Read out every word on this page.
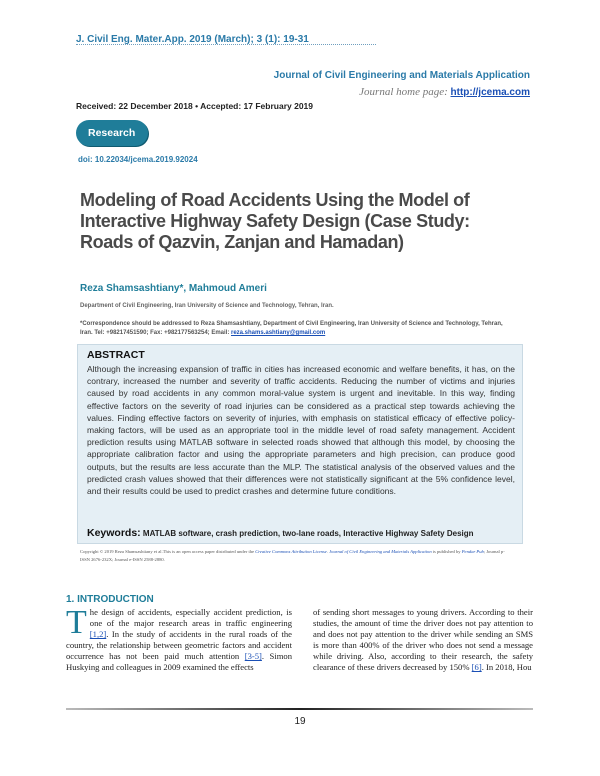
J. Civil Eng. Mater.App. 2019 (March); 3 (1): 19-31
Journal of Civil Engineering and Materials Application
Journal home page: http://jcema.com
Received: 22 December 2018 • Accepted: 17 February 2019
Research
doi: 10.22034/jcema.2019.92024
Modeling of Road Accidents Using the Model of Interactive Highway Safety Design (Case Study: Roads of Qazvin, Zanjan and Hamadan)
Reza Shamsashtiany*, Mahmoud Ameri
Department of Civil Engineering, Iran University of Science and Technology, Tehran, Iran.
*Correspondence should be addressed to Reza Shamsashtiany, Department of Civil Engineering, Iran University of Science and Technology, Tehran, Iran. Tel: +98217451590; Fax: +982177563254; Email: reza.shams.ashtiany@gmail.com
ABSTRACT
Although the increasing expansion of traffic in cities has increased economic and welfare benefits, it has, on the contrary, increased the number and severity of traffic accidents. Reducing the number of victims and injuries caused by road accidents in any common moral-value system is urgent and inevitable. In this way, finding effective factors on the severity of road injuries can be considered as a practical step towards achieving the values. Finding effective factors on severity of injuries, with emphasis on statistical efficacy of effective policy-making factors, will be used as an appropriate tool in the middle level of road safety management. Accident prediction results using MATLAB software in selected roads showed that although this model, by choosing the appropriate calibration factor and using the appropriate parameters and high precision, can produce good outputs, but the results are less accurate than the MLP. The statistical analysis of the observed values and the predicted crash values showed that their differences were not statistically significant at the 5% confidence level, and their results could be used to predict crashes and determine future conditions.
Keywords: MATLAB software, crash prediction, two-lane roads, Interactive Highway Safety Design
Copyright © 2019 Reza Shamsashtiany et al.This is an open access paper distributed under the Creative Commons Attribution License. Journal of Civil Engineering and Materials Application is published by Pendar Pub; Journal p-ISSN 2676-232X; Journal e-ISSN 2588-2880.
1. INTRODUCTION
The design of accidents, especially accident prediction, is one of the major research areas in traffic engineering [1,2]. In the study of accidents in the rural roads of the country, the relationship between geometric factors and accident occurrence has not been paid much attention [3-5]. Simon Huskying and colleagues in 2009 examined the effects
of sending short messages to young drivers. According to their studies, the amount of time the driver does not pay attention to and does not pay attention to the driver while sending an SMS is more than 400% of the driver who does not send a message while driving. Also, according to their research, the safety clearance of these drivers decreased by 150% [6]. In 2018, Hou
19
